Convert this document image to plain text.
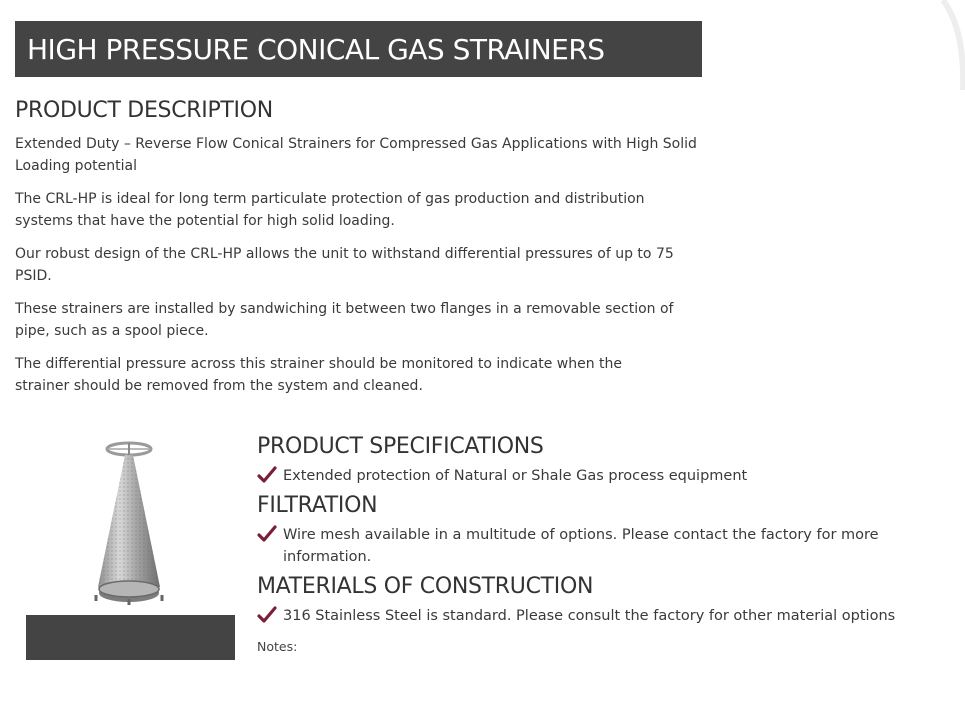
HIGH PRESSURE CONICAL GAS STRAINERS
PRODUCT DESCRIPTION

Extended Duty – Reverse Flow Conical Strainers for Compressed Gas Applications with High Solid Loading potential

The CRL-HP is ideal for long term particulate protection of gas production and distribution systems that have the potential for high solid loading.

Our robust design of the CRL-HP allows the unit to withstand differential pressures of up to 75 PSID.

These strainers are installed by sandwiching it between two flanges in a removable section of pipe, such as a spool piece.

The differential pressure across this strainer should be monitored to indicate when the strainer should be removed from the system and cleaned.

PRODUCT SPECIFICATIONS
Extended protection of Natural or Shale Gas process equipment
FILTRATION
Wire mesh available in a multitude of options. Please contact the factory for more information.
MATERIALS OF CONSTRUCTION
316 Stainless Steel is standard. Please consult the factory for other material options
Notes:
